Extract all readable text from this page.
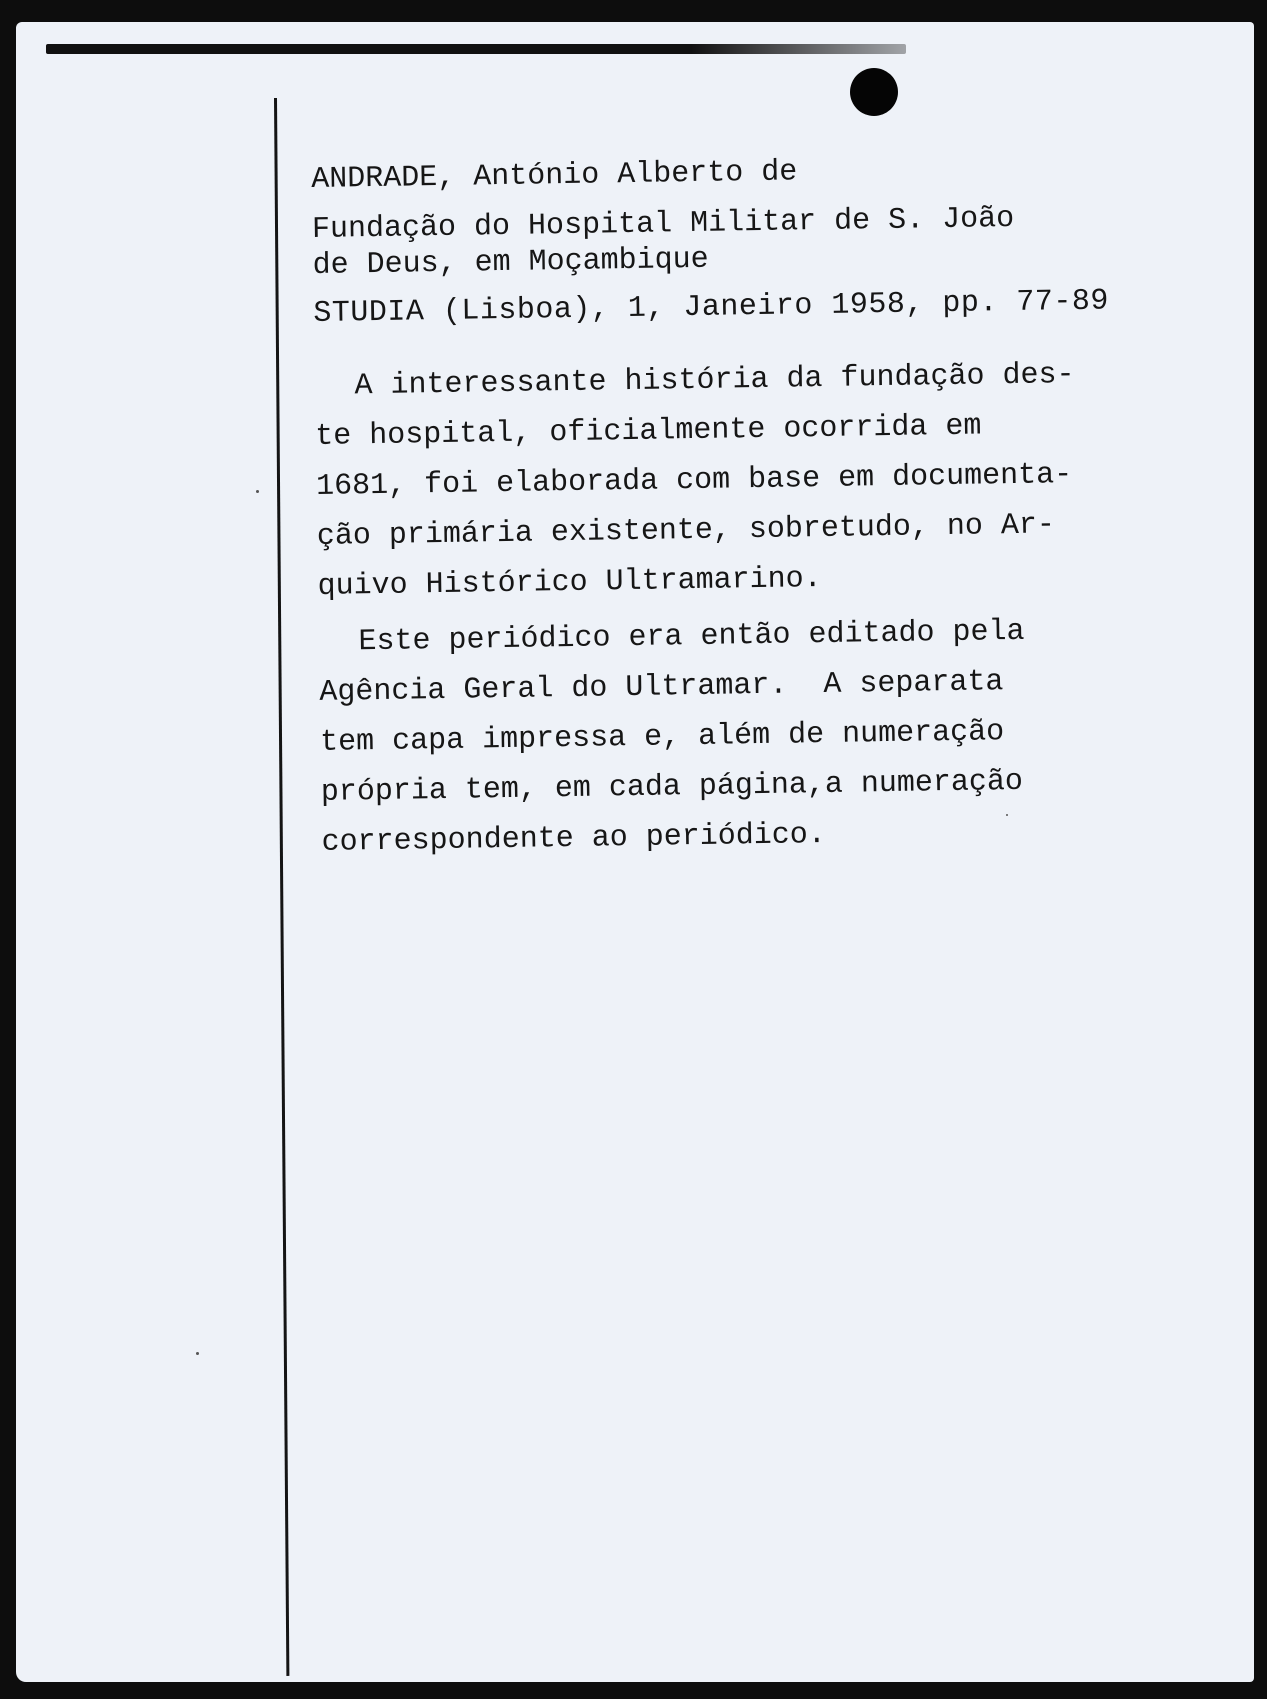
ANDRADE, António Alberto de
Fundação do Hospital Militar de S. João
de Deus, em Moçambique
STUDIA (Lisboa), 1, Janeiro 1958, pp. 77-89
A interessante história da fundação des-
te hospital, oficialmente ocorrida em
1681, foi elaborada com base em documenta-
ção primária existente, sobretudo, no Ar-
quivo Histórico Ultramarino.
Este periódico era então editado pela
Agência Geral do Ultramar.  A separata
tem capa impressa e, além de numeração
própria tem, em cada página,a numeração
correspondente ao periódico.
